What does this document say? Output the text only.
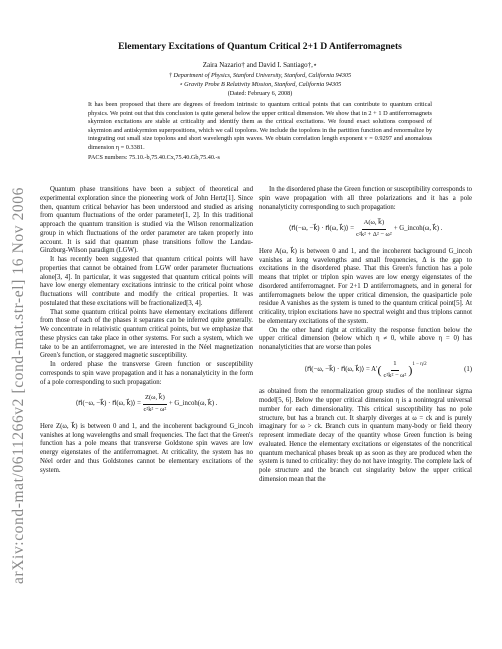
arXiv:cond-mat/0611266v2 [cond-mat.str-el] 16 Nov 2006
Elementary Excitations of Quantum Critical 2+1 D Antiferromagnets
Zaira Nazario† and David I. Santiago†,⋆
† Department of Physics, Stanford University, Stanford, California 94305
⋆ Gravity Probe B Relativity Mission, Stanford, California 94305
(Dated: February 6, 2008)
It has been proposed that there are degrees of freedom intrinsic to quantum critical points that can contribute to quantum critical physics. We point out that this conclusion is quite general below the upper critical dimension. We show that in 2 + 1 D antiferromagnets skyrmion excitations are stable at criticality and identify them as the critical excitations. We found exact solutions composed of skyrmion and antiskyrmion superpositions, which we call topolons. We include the topolons in the partition function and renormalize by integrating out small size topolons and short wavelength spin waves. We obtain correlation length exponent ν = 0.9297 and anomalous dimension η = 0.3381.
PACS numbers: 75.10.-b,75.40.Cx,75.40.Gb,75.40.-s

Quantum phase transitions have been a subject of theoretical and experimental exploration since the pioneering work of John Hertz[1]. Since then, quantum critical behavior has been understood and studied as arising from quantum fluctuations of the order parameter[1, 2]. In this traditional approach the quantum transition is studied via the Wilson renormalization group in which fluctuations of the order parameter are taken properly into account. It is said that quantum phase transitions follow the Landau-Ginzburg-Wilson paradigm (LGW).

It has recently been suggested that quantum critical points will have properties that cannot be obtained from LGW order parameter fluctuations alone[3, 4]. In particular, it was suggested that quantum critical points will have low energy elementary excitations intrinsic to the critical point whose fluctuations will contribute and modify the critical properties. It was postulated that these excitations will be fractionalized[3, 4].

That some quantum critical points have elementary excitations different from those of each of the phases it separates can be inferred quite generally. We concentrate in relativistic quantum critical points, but we emphasize that these physics can take place in other systems. For such a system, which we take to be an antiferromagnet, we are interested in the Néel magnetization Green's function, or staggered magnetic susceptibility.

In ordered phase the transverse Green function or susceptibility corresponds to spin wave propagation and it has a nonanalyticity in the form of a pole corresponding to such propagation:

⟨n⃗(−ω, −k⃗) · n⃗(ω, k⃗)⟩ = $\frac{Z(\omega, k⃗)}{\text{c²k² − ω²}}$ + G_incoh(ω, k⃗) .

Here Z(ω, k⃗) is between 0 and 1, and the incoherent background G_incoh vanishes at long wavelengths and small frequencies. The fact that the Green's function has a pole means that transverse Goldstone spin waves are low energy eigenstates of the antiferromagnet. At criticality, the system has no Néel order and thus Goldstones cannot be elementary excitations of the system.

In the disordered phase the Green function or susceptibility corresponds to spin wave propagation with all three polarizations and it has a pole nonanalyticity corresponding to such propagation:

⟨n⃗(−ω, −k⃗) · n⃗(ω, k⃗)⟩ = $\frac{A(\omega, k⃗)}{\text{c²k² + Δ² − ω²}}$ + G_incoh(ω, k⃗) .

Here A(ω, k⃗) is between 0 and 1, and the incoherent background G_incoh vanishes at long wavelengths and small frequencies, Δ is the gap to excitations in the disordered phase. That this Green's function has a pole means that triplet or triplon spin waves are low energy eigenstates of the disordered antiferromagnet. For 2+1 D antiferromagnets, and in general for antiferromagnets below the upper critical dimension, the quasiparticle pole residue A vanishes as the system is tuned to the quantum critical point[5]. At criticality, triplon excitations have no spectral weight and thus triplons cannot be elementary excitations of the system.

On the other hand right at criticality the response function below the upper critical dimension (below which η ≠ 0, while above η = 0) has nonanalyticities that are worse than poles

⟨n⃗(−ω, −k⃗) · n⃗(ω, k⃗)⟩ = A′ ( $\frac{1}{\text{c²k² − ω²}}$ ) 1 − η/2
(1)

as obtained from the renormalization group studies of the nonlinear sigma model[5, 6]. Below the upper critical dimension η is a nonintegral universal number for each dimensionality. This critical susceptibility has no pole structure, but has a branch cut. It sharply diverges at ω = ck and is purely imaginary for ω > ck. Branch cuts in quantum many-body or field theory represent immediate decay of the quantity whose Green function is being evaluated. Hence the elementary excitations or eigenstates of the noncritical quantum mechanical phases break up as soon as they are produced when the system is tuned to criticality: they do not have integrity. The complete lack of pole structure and the branch cut singularity below the upper critical dimension mean that the
